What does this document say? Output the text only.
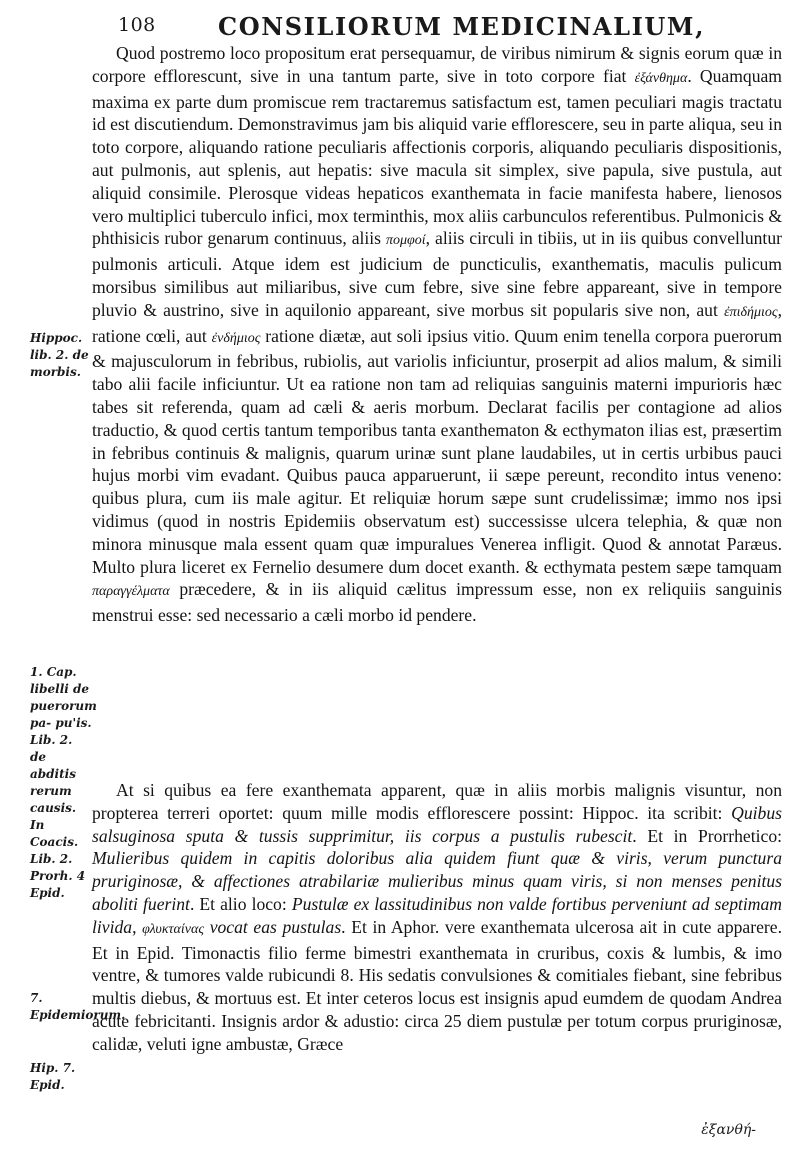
108	CONSILIORUM MEDICINALIUM,
Hippoc. lib. 2. de morbis.
1. Cap. libelli de puerorum pa- pu'is. Lib. 2. de abditis rerum causis. In Coacis. Lib. 2. Prorh. 4 Epid.
7. Epidemiorum.
Hip. 7. Epid.

Quod postremo loco propositum erat persequamur, de viribus nimirum & signis eorum quæ in corpore efflorescunt, sive in una tantum parte, sive in toto corpore fiat ἐξάνθημα. Quamquam maxima ex parte dum promiscue rem tractaremus satisfactum est, tamen peculiari magis tractatu id est discutiendum. Demonstravimus jam bis aliquid varie efflorescere, seu in parte aliqua, seu in toto corpore, aliquando ratione peculiaris affectionis corporis, aliquando peculiaris dispositionis, aut pulmonis, aut splenis, aut hepatis: sive macula sit simplex, sive papula, sive pustula, aut aliquid consimile. Plerosque videas hepaticos exanthemata in facie manifesta habere, lienosos vero multiplici tuberculo infici, mox terminthis, mox aliis carbunculos referentibus. Pulmonicis & phthisicis rubor genarum continuus, aliis πομφοί, aliis circuli in tibiis, ut in iis quibus convelluntur pulmonis articuli. Atque idem est judicium de puncticulis, exanthematis, maculis pulicum morsibus similibus aut miliaribus, sive cum febre, sive sine febre appareant, sive in tempore pluvio & austrino, sive in aquilonio appareant, sive morbus sit popularis sive non, aut ἐπιδήμιος, ratione cœli, aut ἐνδήμιος ratione diætæ, aut soli ipsius vitio. Quum enim tenella corpora puerorum & majusculorum in febribus, rubiolis, aut variolis inficiuntur, proserpit ad alios malum, & simili tabo alii facile inficiuntur. Ut ea ratione non tam ad reliquias sanguinis materni impurioris hæc tabes sit referenda, quam ad cæli & aeris morbum. Declarat facilis per contagione ad alios traductio, & quod certis tantum temporibus tanta exanthematon & ecthymaton ilias est, præsertim in febribus continuis & malignis, quarum urinæ sunt plane laudabiles, ut in certis urbibus pauci hujus morbi vim evadant. Quibus pauca apparuerunt, ii sæpe pereunt, recondito intus veneno: quibus plura, cum iis male agitur. Et reliquiæ horum sæpe sunt crudelissimæ; immo nos ipsi vidimus (quod in nostris Epidemiis observatum est) successisse ulcera telephia, & quæ non minora minusque mala essent quam quæ impuralues Venerea infligit. Quod & annotat Paræus. Multo plura liceret ex Fernelio desumere dum docet exanth. & ecthymata pestem sæpe tamquam παραγγέλματα præcedere, & in iis aliquid cælitus impressum esse, non ex reliquiis sanguinis menstrui esse: sed necessario a cæli morbo id pendere.

At si quibus ea fere exanthemata apparent, quæ in aliis morbis malignis visuntur, non propterea terreri oportet: quum mille modis efflorescere possint: Hippoc. ita scribit: Quibus salsuginosa sputa & tussis supprimitur, iis corpus a pustulis rubescit. Et in Prorrhetico: Mulieribus quidem in capitis doloribus alia quidem fiunt quæ & viris, verum punctura pruriginosæ, & affectiones atrabilariæ mulieribus minus quam viris, si non menses penitus aboliti fuerint. Et alio loco: Pustulæ ex lassitudinibus non valde fortibus perveniunt ad septimam livida, φλυκταίνας vocat eas pustulas. Et in Aphor. vere exanthemata ulcerosa ait in cute apparere. Et in Epid. Timonactis filio ferme bimestri exanthemata in cruribus, coxis & lumbis, & imo ventre, & tumores valde rubicundi 8. His sedatis convulsiones & comitiales fiebant, sine febribus multis diebus, & mortuus est. Et inter ceteros locus est insignis apud eumdem de quodam Andrea acute febricitanti. Insignis ardor & adustio: circa 25 diem pustulæ per totum corpus pruriginosæ, calidæ, veluti igne ambustæ, Græce

ἐξανθή-
